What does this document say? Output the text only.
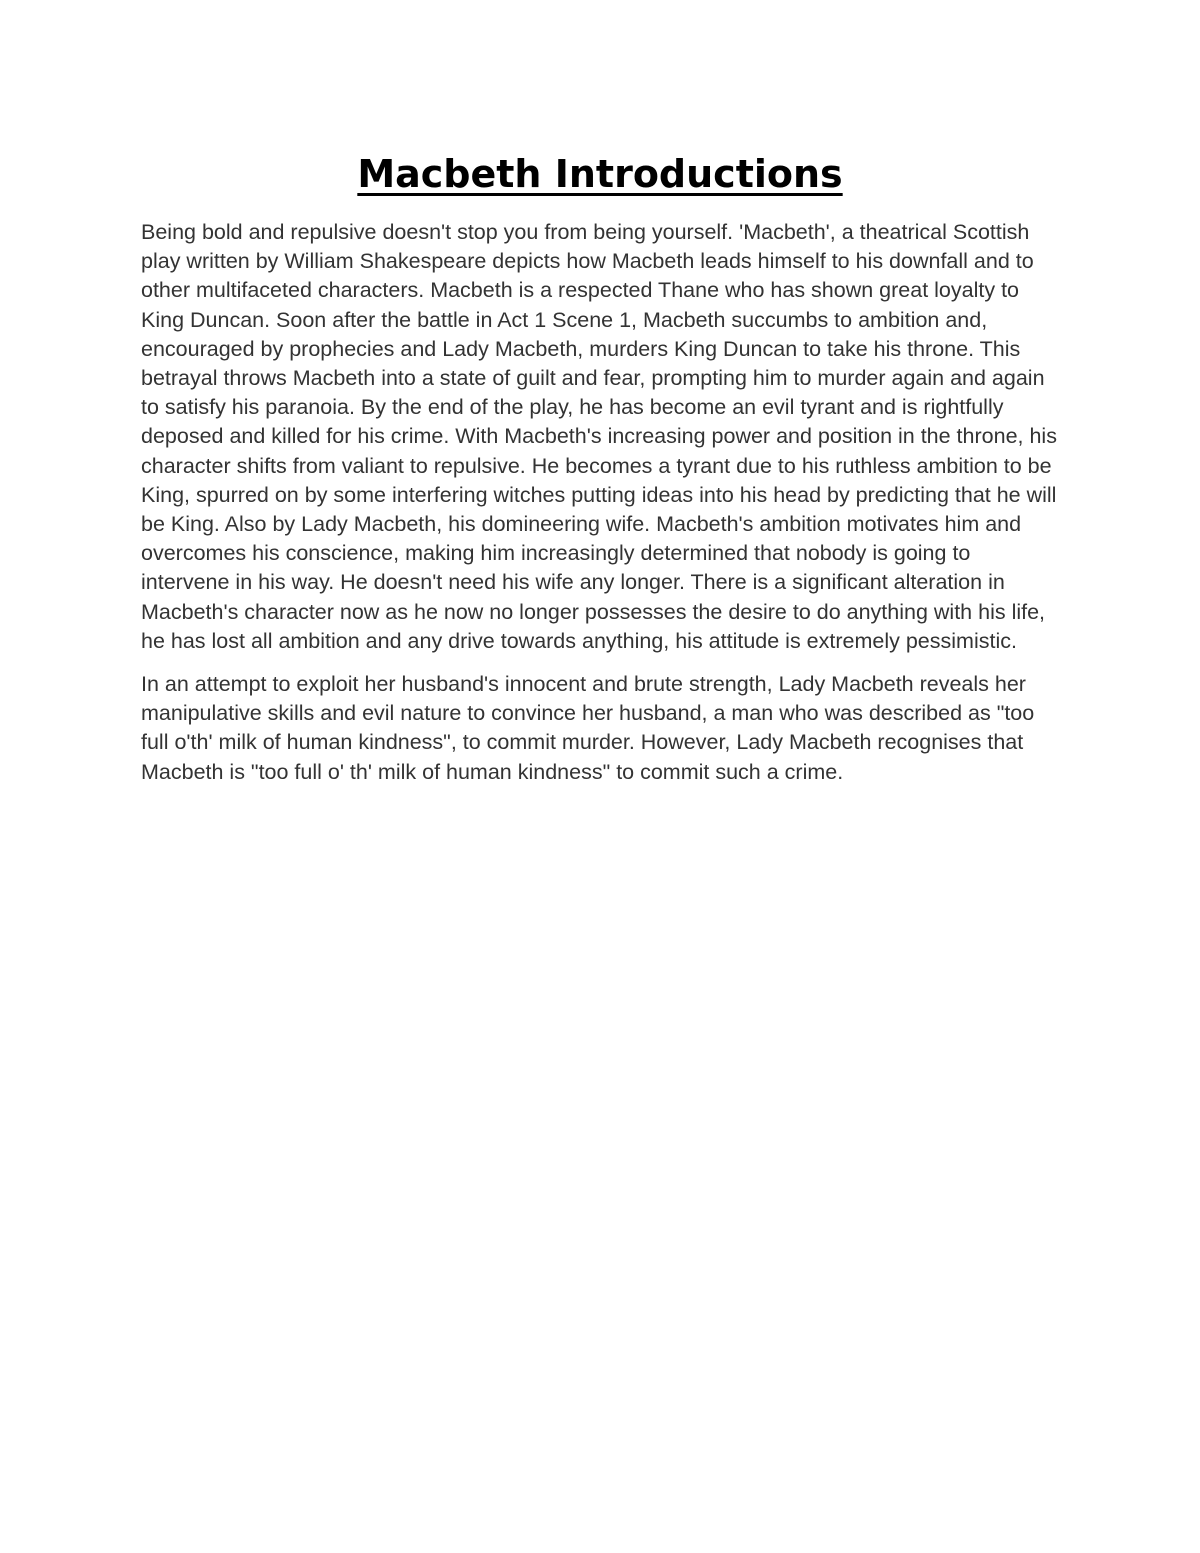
Macbeth Introductions

Being bold and repulsive doesn't stop you from being yourself. 'Macbeth', a theatrical Scottish play written by William Shakespeare depicts how Macbeth leads himself to his downfall and to other multifaceted characters. Macbeth is a respected Thane who has shown great loyalty to King Duncan. Soon after the battle in Act 1 Scene 1, Macbeth succumbs to ambition and, encouraged by prophecies and Lady Macbeth, murders King Duncan to take his throne. This betrayal throws Macbeth into a state of guilt and fear, prompting him to murder again and again to satisfy his paranoia. By the end of the play, he has become an evil tyrant and is rightfully deposed and killed for his crime. With Macbeth's increasing power and position in the throne, his character shifts from valiant to repulsive. He becomes a tyrant due to his ruthless ambition to be King, spurred on by some interfering witches putting ideas into his head by predicting that he will be King. Also by Lady Macbeth, his domineering wife. Macbeth's ambition motivates him and overcomes his conscience, making him increasingly determined that nobody is going to intervene in his way. He doesn't need his wife any longer. There is a significant alteration in Macbeth's character now as he now no longer possesses the desire to do anything with his life, he has lost all ambition and any drive towards anything, his attitude is extremely pessimistic.

In an attempt to exploit her husband's innocent and brute strength, Lady Macbeth reveals her manipulative skills and evil nature to convince her husband, a man who was described as "too full o'th' milk of human kindness", to commit murder. However, Lady Macbeth recognises that Macbeth is "too full o' th' milk of human kindness" to commit such a crime.
